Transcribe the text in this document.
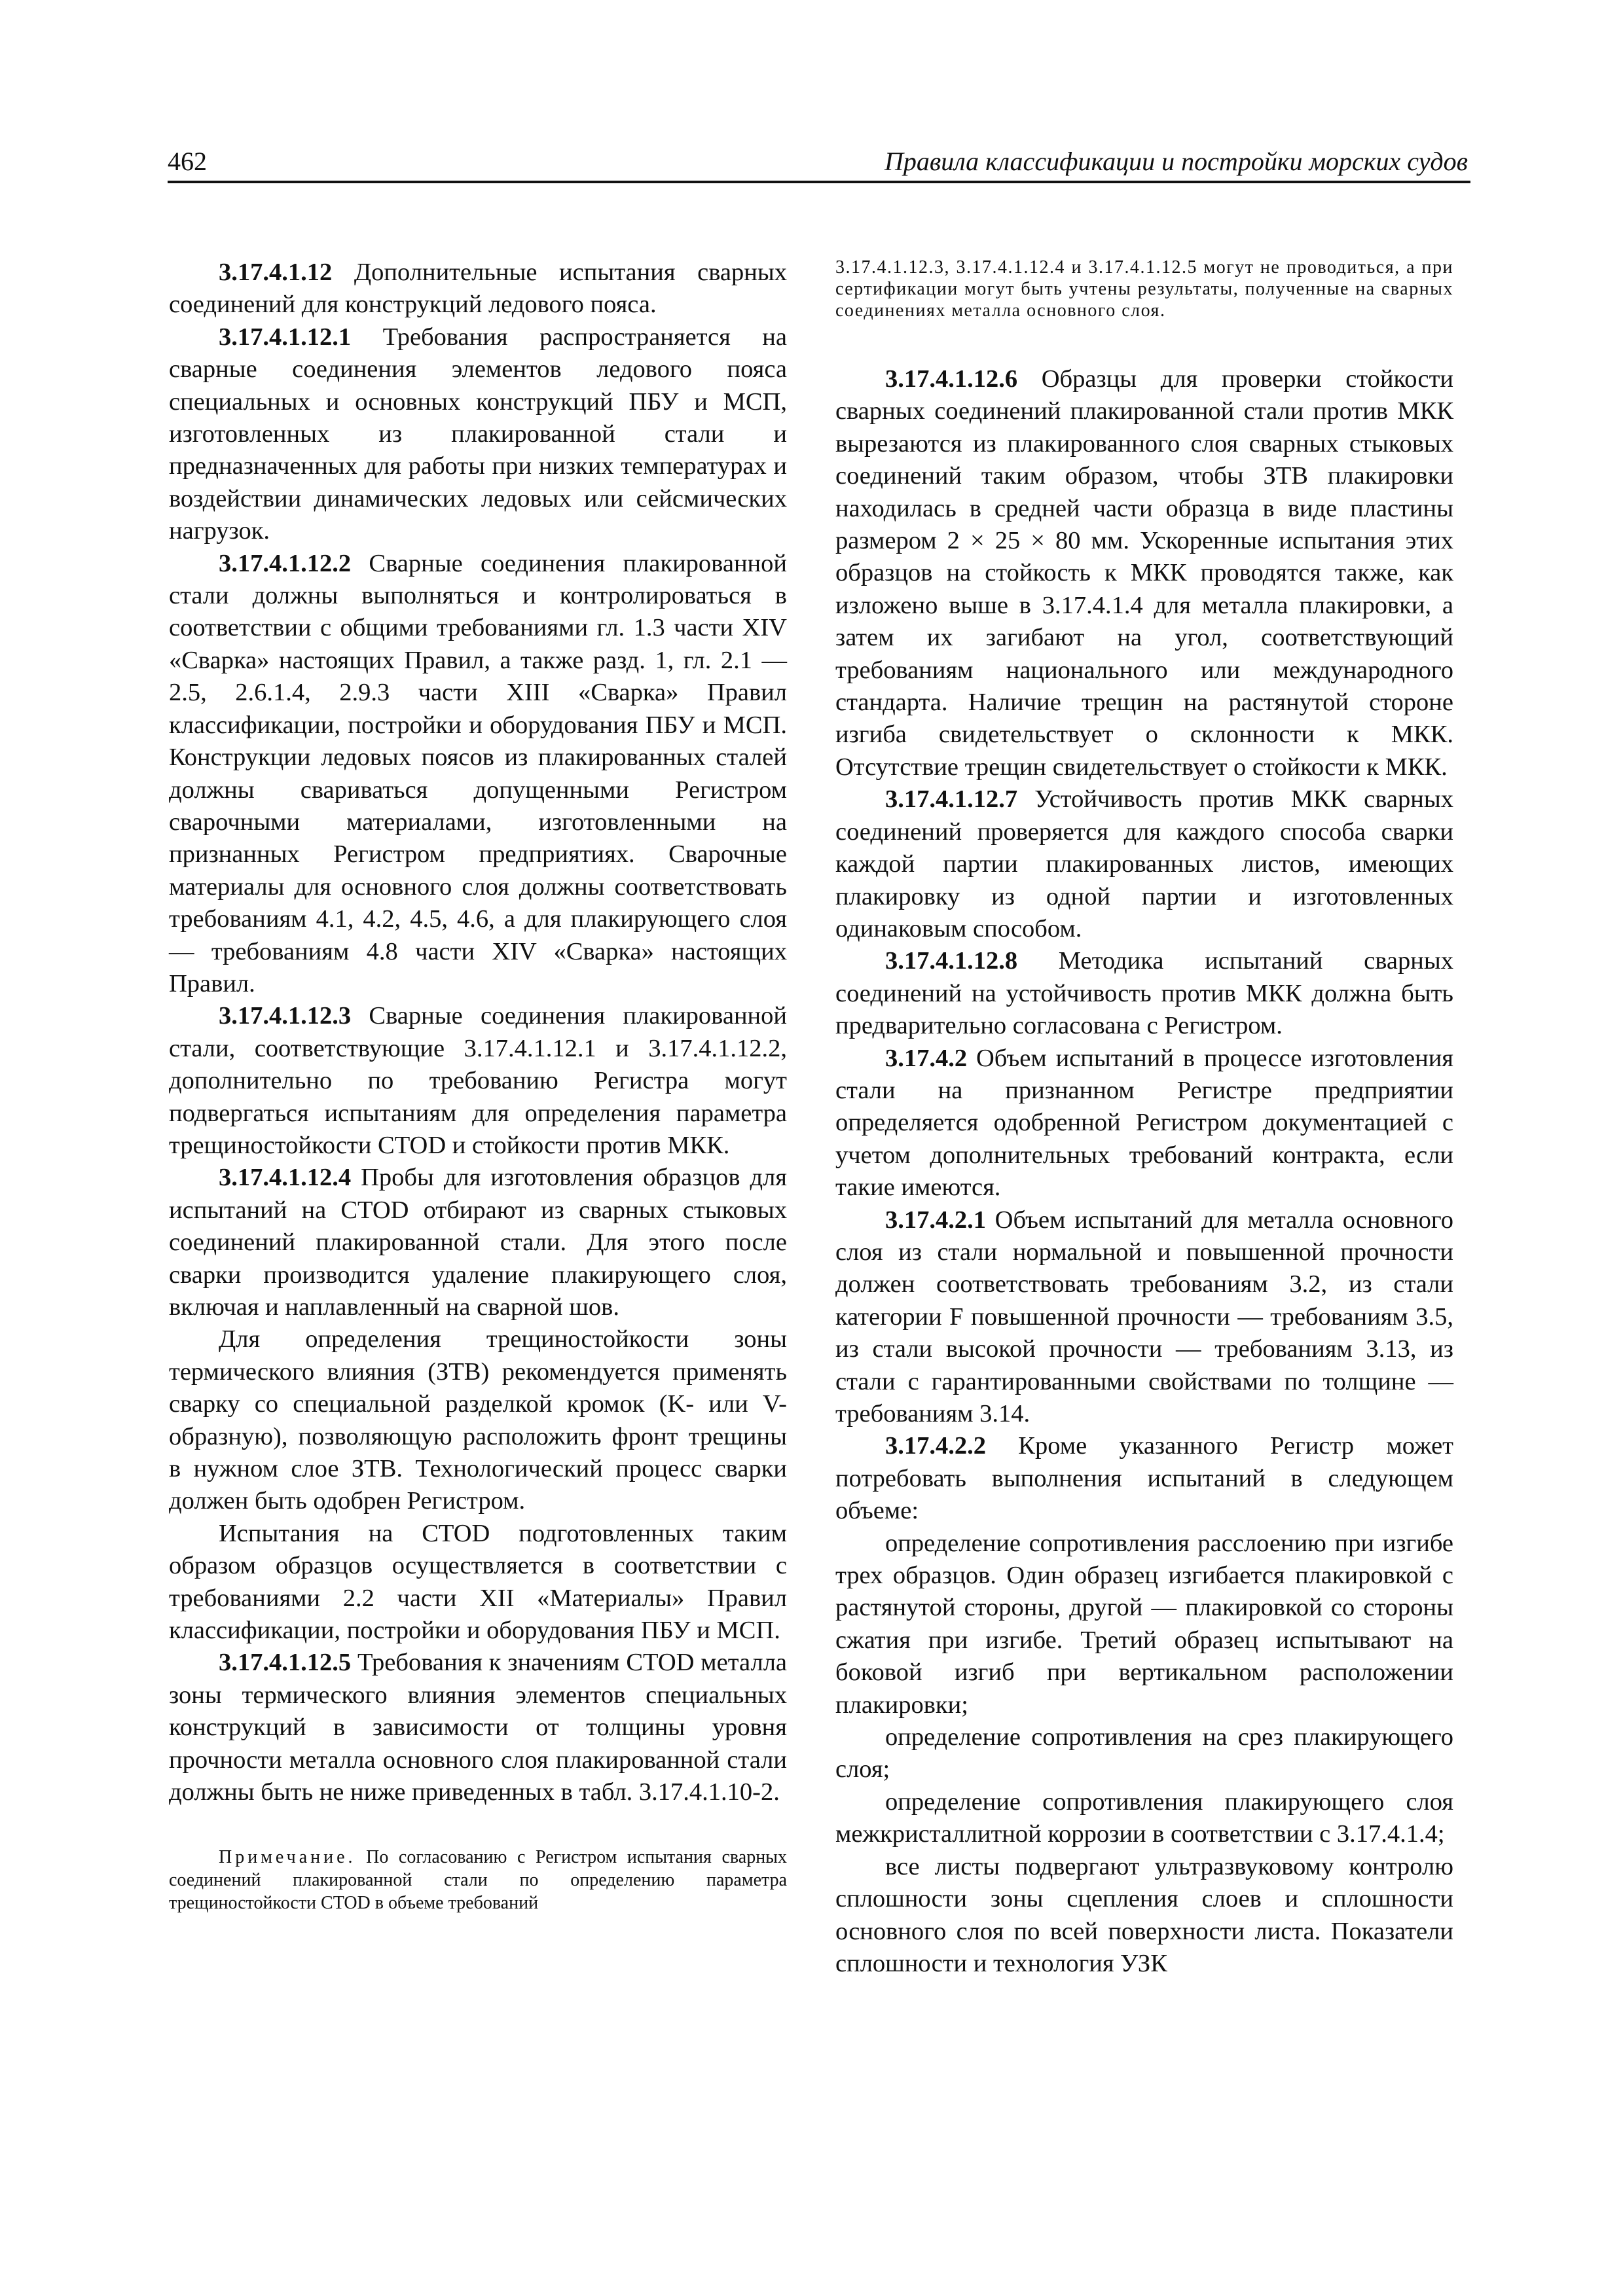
462	Правила классификации и постройки морских судов

3.17.4.1.12 Дополнительные испытания сварных соединений для конструкций ледового пояса.

3.17.4.1.12.1 Требования распространяется на сварные соединения элементов ледового пояса специальных и основных конструкций ПБУ и МСП, изготовленных из плакированной стали и предназначенных для работы при низких температурах и воздействии динамических ледовых или сейсмических нагрузок.

3.17.4.1.12.2 Сварные соединения плакированной стали должны выполняться и контролироваться в соответствии с общими требованиями гл. 1.3 части XIV «Сварка» настоящих Правил, а также разд. 1, гл. 2.1 — 2.5, 2.6.1.4, 2.9.3 части XIII «Сварка» Правил классификации, постройки и оборудования ПБУ и МСП. Конструкции ледовых поясов из плакированных сталей должны свариваться допущенными Регистром сварочными материалами, изготовленными на признанных Регистром предприятиях. Сварочные материалы для основного слоя должны соответствовать требованиям 4.1, 4.2, 4.5, 4.6, а для плакирующего слоя — требованиям 4.8 части XIV «Сварка» настоящих Правил.

3.17.4.1.12.3 Сварные соединения плакированной стали, соответствующие 3.17.4.1.12.1 и 3.17.4.1.12.2, дополнительно по требованию Регистра могут подвергаться испытаниям для определения параметра трещиностойкости CTOD и стойкости против МКК.

3.17.4.1.12.4 Пробы для изготовления образцов для испытаний на CTOD отбирают из сварных стыковых соединений плакированной стали. Для этого после сварки производится удаление плакирующего слоя, включая и наплавленный на сварной шов.

Для определения трещиностойкости зоны термического влияния (ЗТВ) рекомендуется применять сварку со специальной разделкой кромок (K- или V-образную), позволяющую расположить фронт трещины в нужном слое ЗТВ. Технологический процесс сварки должен быть одобрен Регистром.

Испытания на CTOD подготовленных таким образом образцов осуществляется в соответствии с требованиями 2.2 части XII «Материалы» Правил классификации, постройки и оборудования ПБУ и МСП.

3.17.4.1.12.5 Требования к значениям CTOD металла зоны термического влияния элементов специальных конструкций в зависимости от толщины уровня прочности металла основного слоя плакированной стали должны быть не ниже приведенных в табл. 3.17.4.1.10-2.

Примечание. По согласованию с Регистром испытания сварных соединений плакированной стали по определению параметра трещиностойкости CTOD в объеме требований

3.17.4.1.12.3, 3.17.4.1.12.4 и 3.17.4.1.12.5 могут не проводиться, а при сертификации могут быть учтены результаты, полученные на сварных соединениях металла основного слоя.

3.17.4.1.12.6 Образцы для проверки стойкости сварных соединений плакированной стали против МКК вырезаются из плакированного слоя сварных стыковых соединений таким образом, чтобы ЗТВ плакировки находилась в средней части образца в виде пластины размером 2 × 25 × 80 мм. Ускоренные испытания этих образцов на стойкость к МКК проводятся также, как изложено выше в 3.17.4.1.4 для металла плакировки, а затем их загибают на угол, соответствующий требованиям национального или международного стандарта. Наличие трещин на растянутой стороне изгиба свидетельствует о склонности к МКК. Отсутствие трещин свидетельствует о стойкости к МКК.

3.17.4.1.12.7 Устойчивость против МКК сварных соединений проверяется для каждого способа сварки каждой партии плакированных листов, имеющих плакировку из одной партии и изготовленных одинаковым способом.

3.17.4.1.12.8 Методика испытаний сварных соединений на устойчивость против МКК должна быть предварительно согласована с Регистром.

3.17.4.2 Объем испытаний в процессе изготовления стали на признанном Регистре предприятии определяется одобренной Регистром документацией с учетом дополнительных требований контракта, если такие имеются.

3.17.4.2.1 Объем испытаний для металла основного слоя из стали нормальной и повышенной прочности должен соответствовать требованиям 3.2, из стали категории F повышенной прочности — требованиям 3.5, из стали высокой прочности — требованиям 3.13, из стали с гарантированными свойствами по толщине — требованиям 3.14.

3.17.4.2.2 Кроме указанного Регистр может потребовать выполнения испытаний в следующем объеме:

определение сопротивления расслоению при изгибе трех образцов. Один образец изгибается плакировкой с растянутой стороны, другой — плакировкой со стороны сжатия при изгибе. Третий образец испытывают на боковой изгиб при вертикальном расположении плакировки;

определение сопротивления на срез плакирующего слоя;

определение сопротивления плакирующего слоя межкристаллитной коррозии в соответствии с 3.17.4.1.4;

все листы подвергают ультразвуковому контролю сплошности зоны сцепления слоев и сплошности основного слоя по всей поверхности листа. Показатели сплошности и технология УЗК
